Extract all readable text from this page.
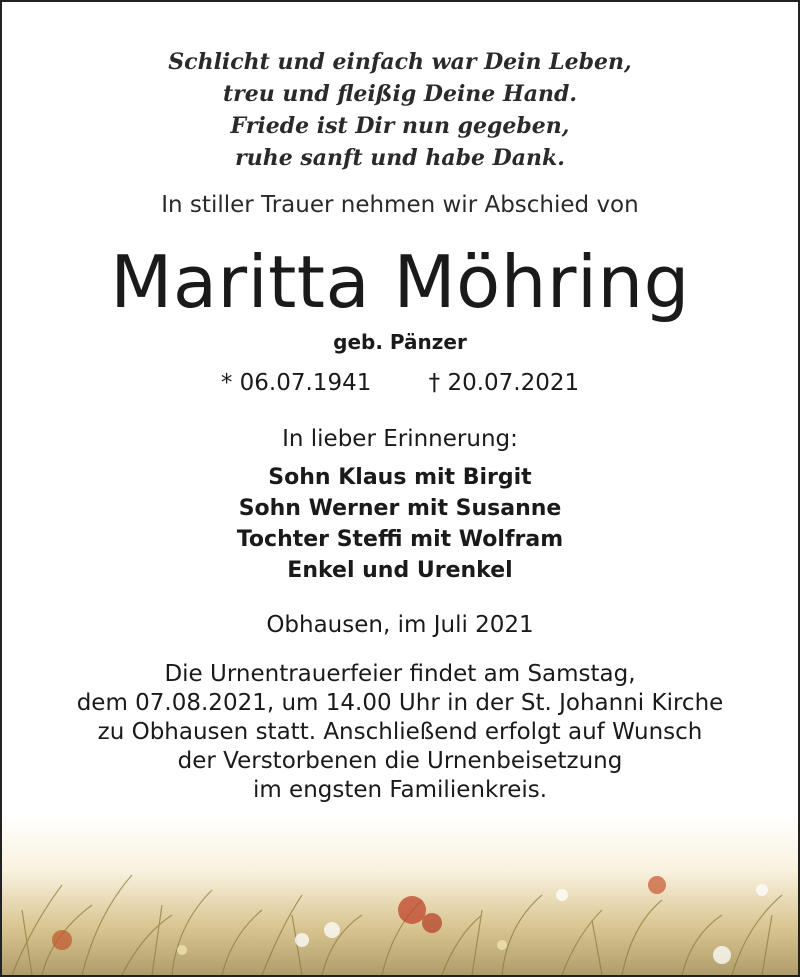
Schlicht und einfach war Dein Leben,
treu und fleißig Deine Hand.
Friede ist Dir nun gegeben,
ruhe sanft und habe Dank.
In stiller Trauer nehmen wir Abschied von
Maritta Möhring
geb. Pänzer
* 06.07.1941 † 20.07.2021
In lieber Erinnerung:
Sohn Klaus mit Birgit
Sohn Werner mit Susanne
Tochter Steffi mit Wolfram
Enkel und Urenkel
Obhausen, im Juli 2021
Die Urnentrauerfeier findet am Samstag,
dem 07.08.2021, um 14.00 Uhr in der St. Johanni Kirche
zu Obhausen statt. Anschließend erfolgt auf Wunsch
der Verstorbenen die Urnenbeisetzung
im engsten Familienkreis.
